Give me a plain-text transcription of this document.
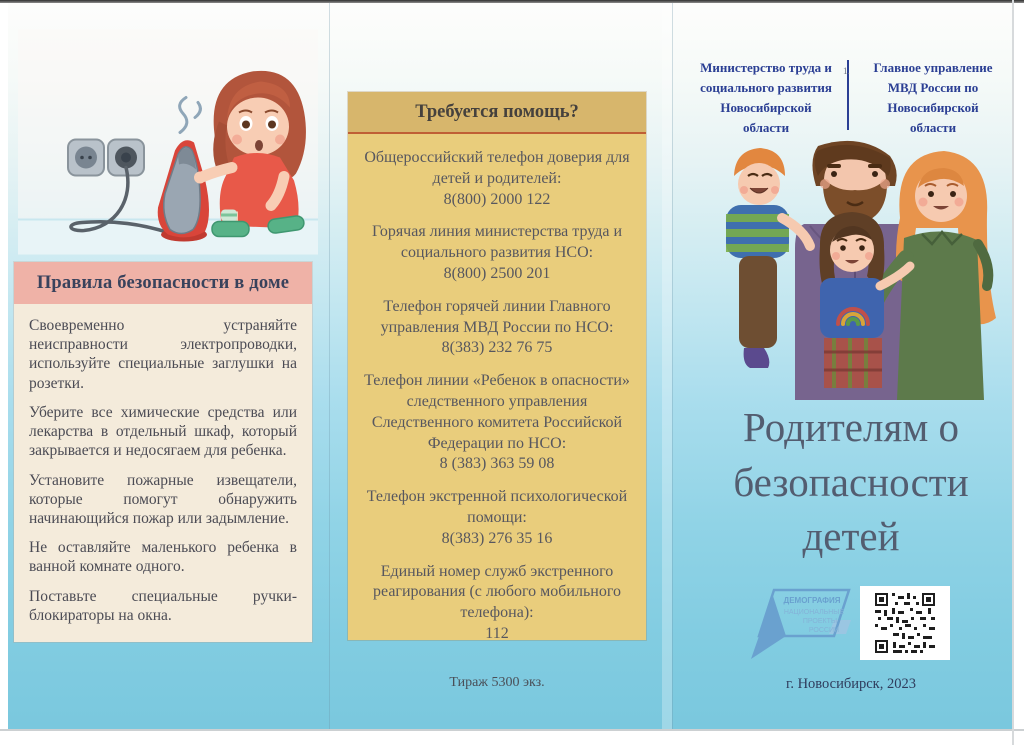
Правила безопасности в доме

Своевременно устраняйте неисправности электропроводки, используйте специальные заглушки на розетки.

Уберите все химические средства или лекарства в отдельный шкаф, который закрывается и недосягаем для ребенка.

Установите пожарные извещатели, которые помогут обнаружить начинающийся пожар или задымление.

Не оставляйте маленького ребенка в ванной комнате одного.

Поставьте специальные ручки-блокираторы на окна.

Требуется помощь?
Общероссийский телефон доверия для детей и родителей:
8(800) 2000 122
Горячая линия министерства труда и социального развития НСО:
8(800) 2500 201
Телефон горячей линии Главного управления МВД России по НСО:
8(383) 232 76 75
Телефон линии «Ребенок в опасности» следственного управления Следственного комитета Российской Федерации по НСО:
8 (383) 363 59 08
Телефон экстренной психологической помощи:
8(383) 276 35 16
Единый номер служб экстренного реагирования (с любого мобильного телефона):
112
Тираж 5300 экз.
Министерство труда и
социального развития
Новосибирской
области
Главное управление
МВД России по
Новосибирской
области
1.
Родителям о
безопасности
детей
ДЕМОГРАФИЯ
НАЦИОНАЛЬНЫЕ
ПРОЕКТЫ
РОССИИ
г. Новосибирск, 2023
